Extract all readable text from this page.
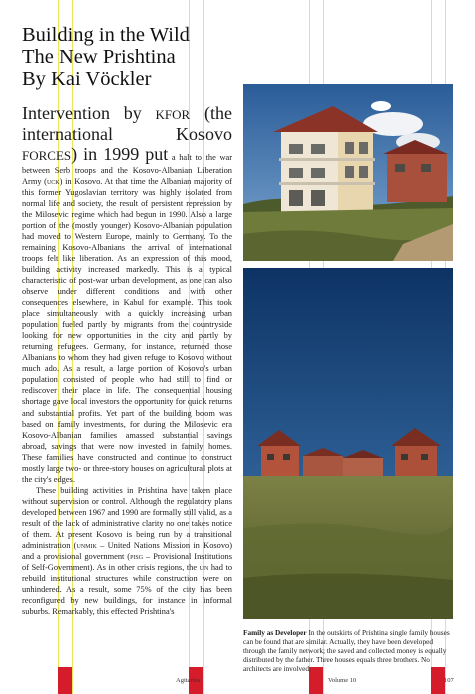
Building in the Wild
The New Prishtina
By Kai Vöckler

Intervention by kfor (the international Kosovo forces) in 1999 put a halt to the war between Serb troops and the Kosovo-Albanian Liberation Army (uck) in Kosovo. At that time the Albanian majority of this former Yugoslavian territory was highly isolated from normal life and society, the result of persistent repression by the Milosevic regime which had begun in 1990. Also a large portion of the (mostly younger) Kosovo-Albanian population had moved to Western Europe, mainly to Germany. To the remaining Kosovo-Albanians the arrival of international troops felt like liberation. As an expression of this mood, building activity increased markedly. This is a typical characteristic of post-war urban development, as one can also observe under different conditions and with other consequences elsewhere, in Kabul for example. This took place simultaneously with a quickly increasing urban population fueled partly by migrants from the countryside looking for new opportunities in the city and partly by returning refugees. Germany, for instance, returned those Albanians to whom they had given refuge to Kosovo without much ado. As a result, a large portion of Kosovo's urban population consisted of people who had still to find or rediscover their place in life. The consequential housing shortage gave local investors the opportunity for quick returns and substantial profits. Yet part of the building boom was based on family investments, for during the Milosevic era Kosovo-Albanian families amassed substantial savings abroad, savings that were now invested in family homes. These families have constructed and continue to construct mostly large two- or three-story houses on agricultural plots at the city's edges.

These building activities in Prishtina have taken place without supervision or control. Although the regulatory plans developed between 1967 and 1990 are formally still valid, as a result of the lack of administrative clarity no one takes notice of them. At present Kosovo is being run by a transitional administration (unmik – United Nations Mission in Kosovo) and a provisional government (pisg – Provisional Institutions of Self-Government). As in other crisis regions, the un had to rebuild institutional structures while construction were on unhindered. As a result, some 75% of the city has been reconfigured by new buildings, for instance in informal suburbs. Remarkably, this effected Prishtina's

Family as Developer In the outskirts of Prishtina single family houses can be found that are similar. Actually, they have been developed through the family network; the saved and collected money is equally distributed by the father. Three houses equals three brothers. No architects are involved.
Agitarios	Volume 10	107
